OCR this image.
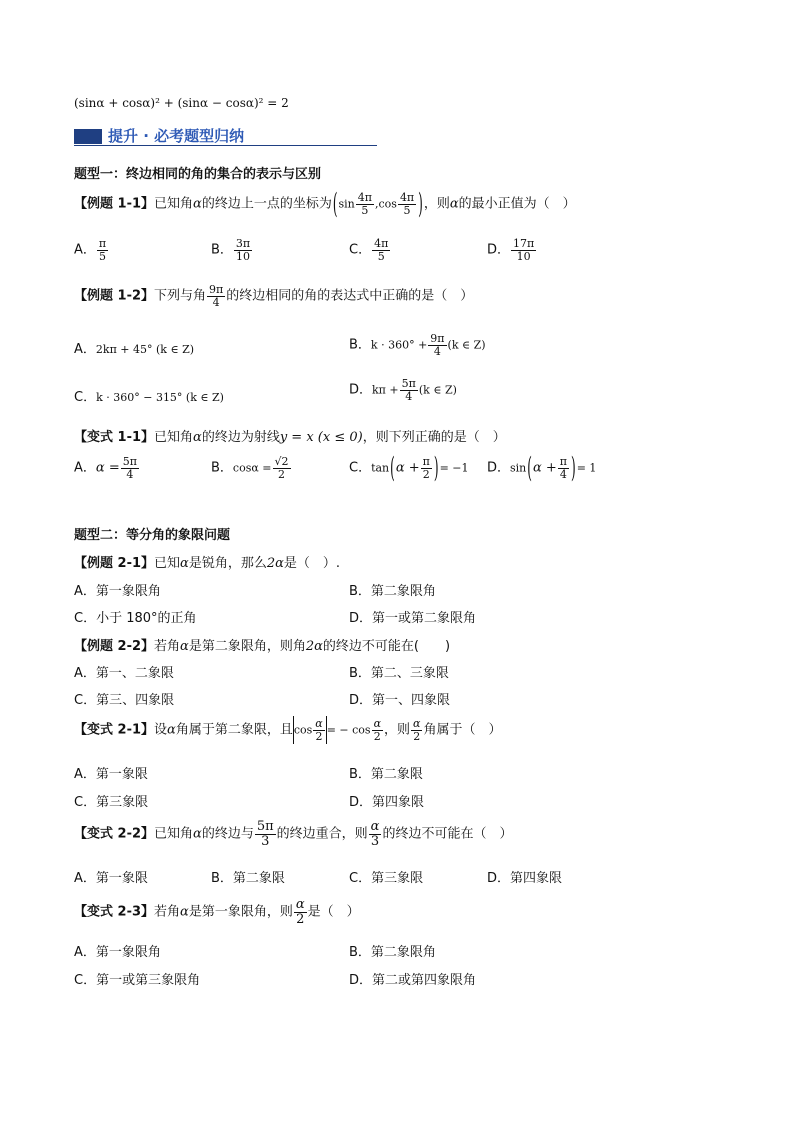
(sinα + cosα)² + (sinα − cosα)² = 2
提升 · 必考题型归纳
题型一：终边相同的角的集合的表示与区别
【例题 1-1】已知角α的终边上一点的坐标为($\sin \frac{4\pi}{5} ,\cos \frac{4\pi}{5}$ )，则α的最小正值为（　）
A． $\frac{\pi}{5}$	B． $\frac{3\pi}{10}$	C． $\frac{4\pi}{5}$	D． $\frac{17\pi}{10}$
【例题 1-2】下列与角 $\frac{9\pi}{4}$ 的终边相同的角的表达式中正确的是（　）
A．2kπ + 45° (k ∈ Z)	B．$k \cdot 360^\circ + \frac{9\pi}{4} (k$ ∈ Z)
C．k · 360° − 315° (k ∈ Z)	D．$k\pi + \frac{5\pi}{4} (k$ ∈ Z)
【变式 1-1】已知角α的终边为射线y = x (x ≤ 0)，则下列正确的是（　）
A．$\alpha = \frac{5\pi}{4}$	B．$\cos\alpha = \frac{√2}{2}$	C．$\tan(\alpha + \frac{\pi}{2}$ )= −1 D．$\sin(\alpha + \frac{\pi}{4}$ )= 1
题型二：等分角的象限问题
【例题 2-1】已知α是锐角，那么2α是（　）.
A．第一象限角	B．第二象限角
C．小于 180°的正角	D．第一或第二象限角
【例题 2-2】若角α是第二象限角，则角2α的终边不可能在(　　)
A．第一、二象限	B．第二、三象限
C．第三、四象限	D．第一、四象限
【变式 2-1】设α角属于第二象限，且$\cos \frac{\alpha}{2}$ = − $\cos \frac{\alpha}{2}$ ，则 $\frac{\alpha}{2}$ 角属于（　）
A．第一象限	B．第二象限
C．第三象限	D．第四象限
【变式 2-2】已知角α的终边与 $\frac{5\pi}{3}$ 的终边重合，则 $\frac{\alpha}{3}$ 的终边不可能在（　）
A．第一象限	B．第二象限	C．第三象限	D．第四象限
【变式 2-3】若角α是第一象限角，则 $\frac{\alpha}{2}$ 是（　）
A．第一象限角	B．第二象限角
C．第一或第三象限角	D．第二或第四象限角
